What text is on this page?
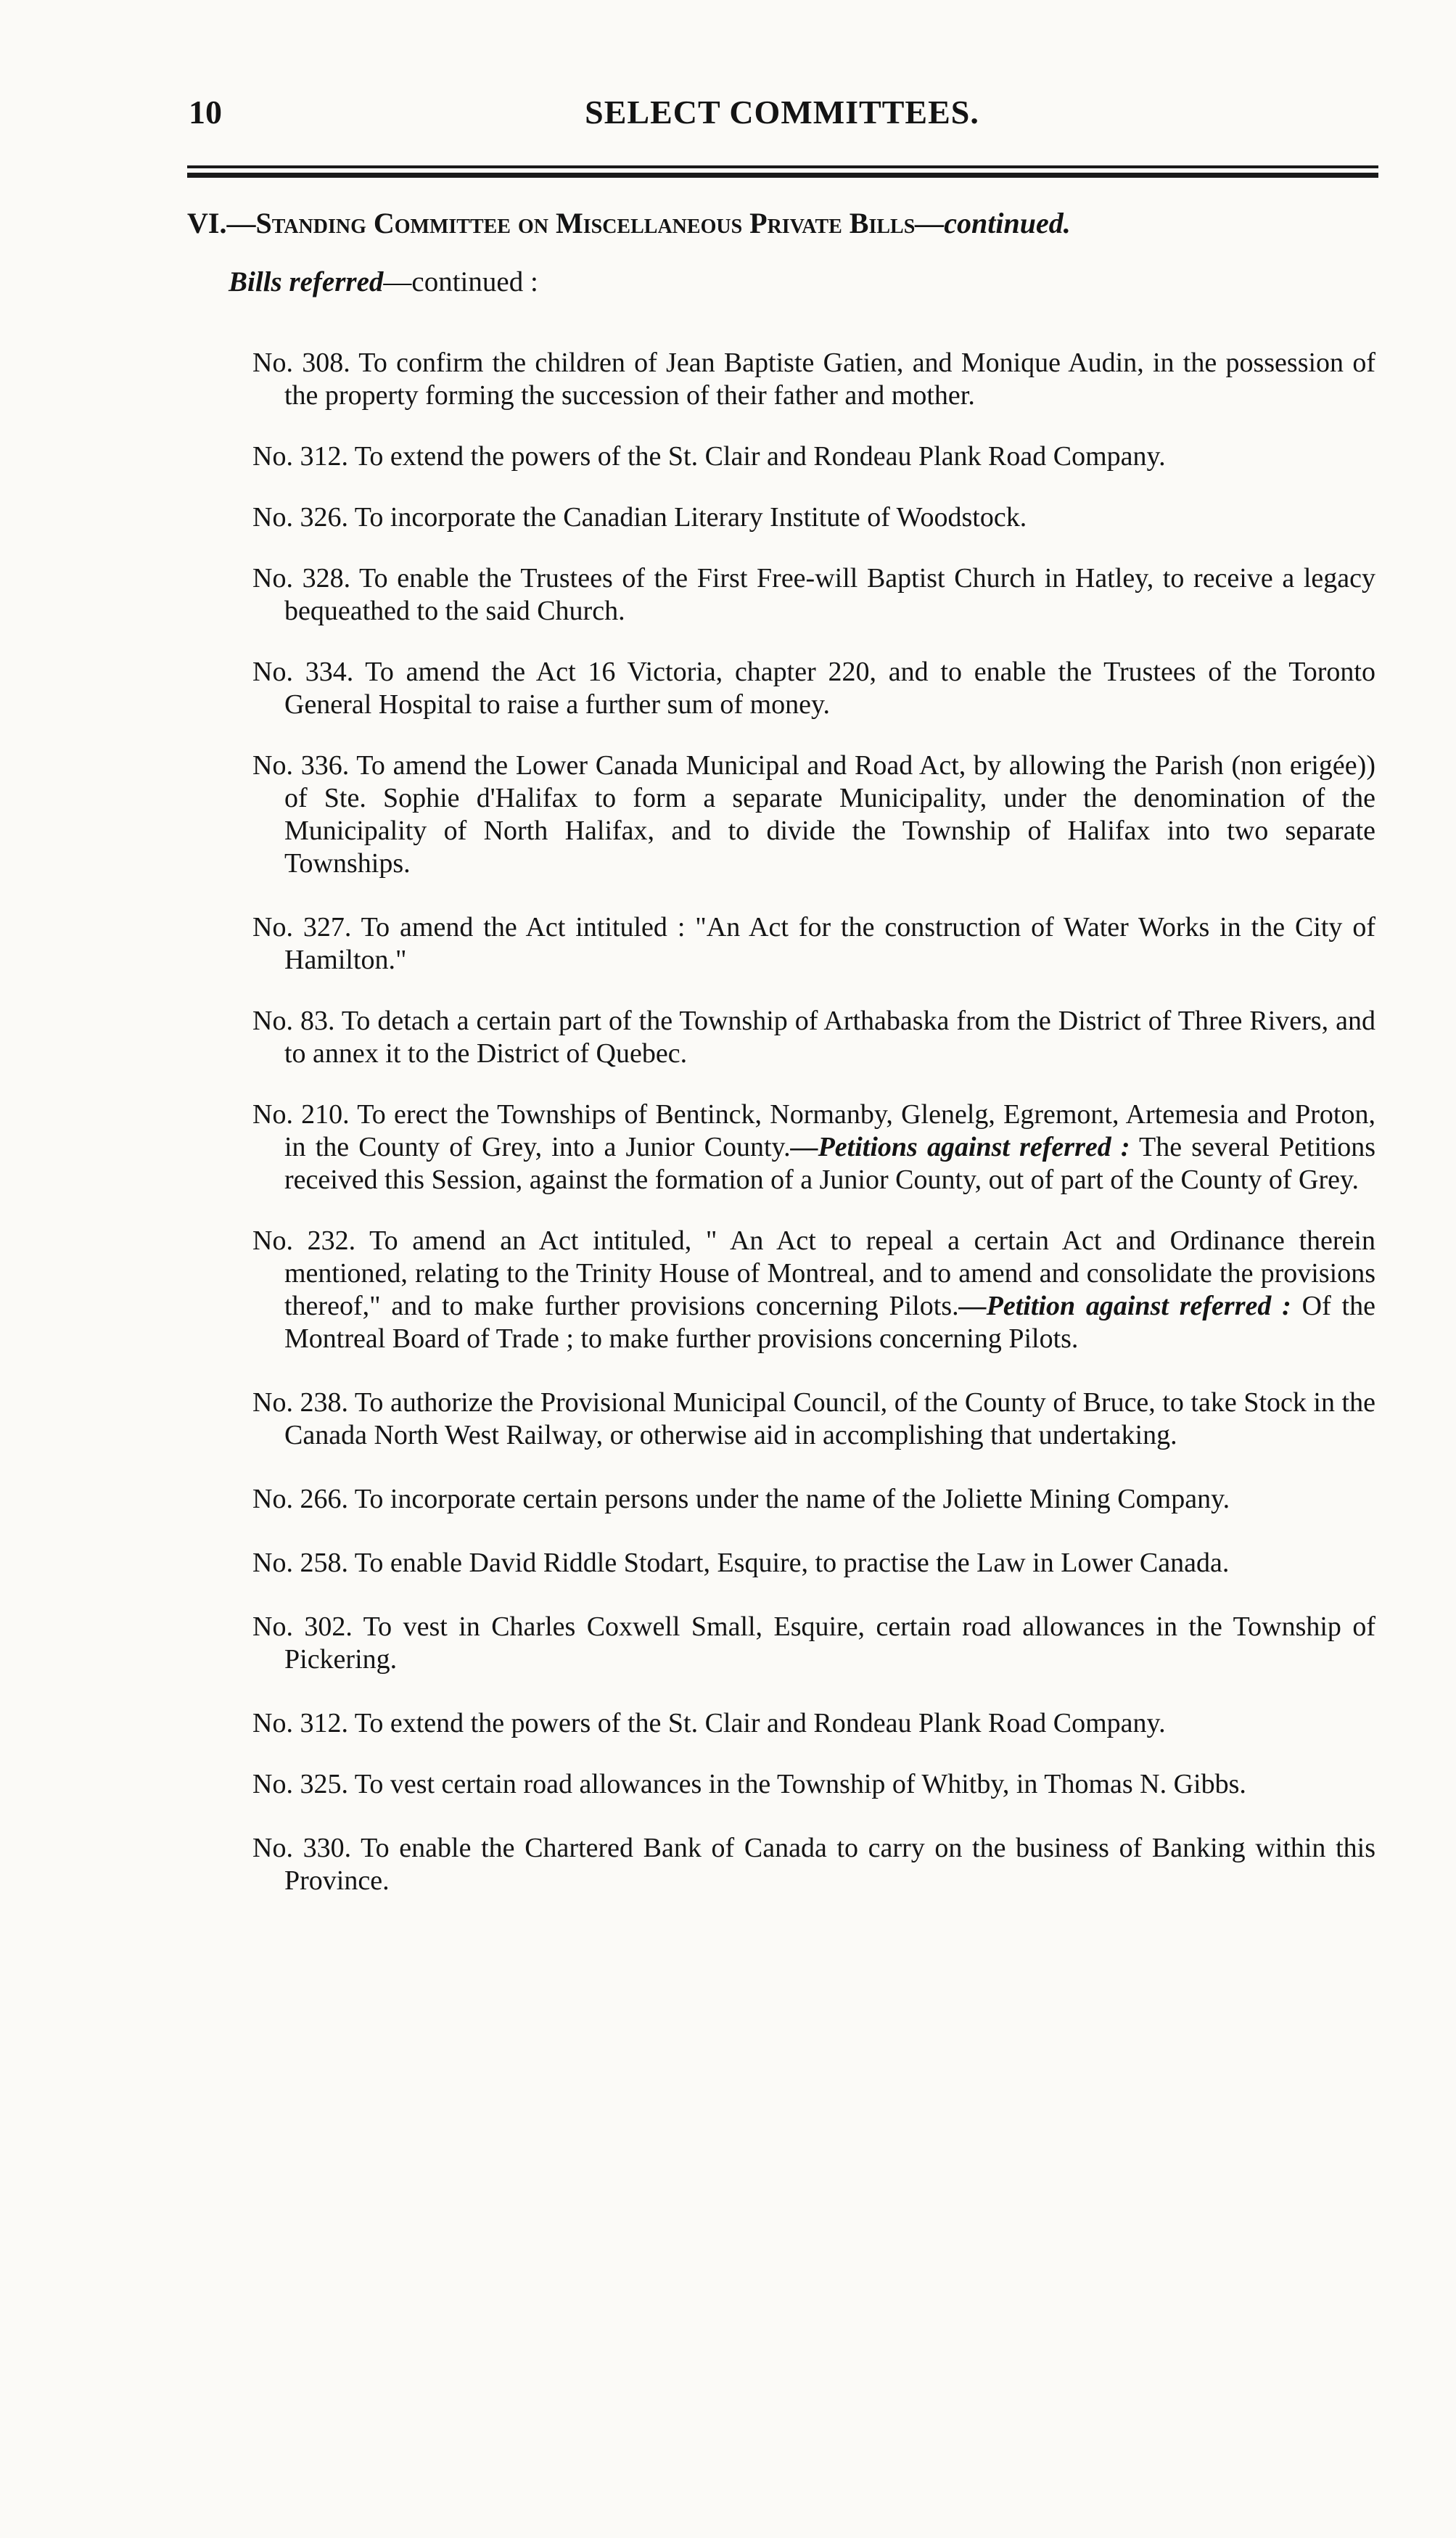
10	SELECT COMMITTEES.
VI.—Standing Committee on Miscellaneous Private Bills—continued.
Bills referred—continued :

No. 308. To confirm the children of Jean Baptiste Gatien, and Monique Audin, in the possession of the property forming the succession of their father and mother.

No. 312. To extend the powers of the St. Clair and Rondeau Plank Road Company.

No. 326. To incorporate the Canadian Literary Institute of Woodstock.

No. 328. To enable the Trustees of the First Free-will Baptist Church in Hatley, to receive a legacy bequeathed to the said Church.

No. 334. To amend the Act 16 Victoria, chapter 220, and to enable the Trustees of the Toronto General Hospital to raise a further sum of money.

No. 336. To amend the Lower Canada Municipal and Road Act, by allowing the Parish (non erigée)) of Ste. Sophie d'Halifax to form a separate Municipality, under the denomination of the Municipality of North Halifax, and to divide the Township of Halifax into two separate Townships.

No. 327. To amend the Act intituled : "An Act for the construction of Water Works in the City of Hamilton."

No. 83. To detach a certain part of the Township of Arthabaska from the District of Three Rivers, and to annex it to the District of Quebec.

No. 210. To erect the Townships of Bentinck, Normanby, Glenelg, Egremont, Artemesia and Proton, in the County of Grey, into a Junior County.—Petitions against referred : The several Petitions received this Session, against the formation of a Junior County, out of part of the County of Grey.

No. 232. To amend an Act intituled, " An Act to repeal a certain Act and Ordinance therein mentioned, relating to the Trinity House of Montreal, and to amend and consolidate the provisions thereof," and to make further provisions concerning Pilots.—Petition against referred : Of the Montreal Board of Trade ; to make further provisions concerning Pilots.

No. 238. To authorize the Provisional Municipal Council, of the County of Bruce, to take Stock in the Canada North West Railway, or otherwise aid in accomplishing that undertaking.

No. 266. To incorporate certain persons under the name of the Joliette Mining Company.

No. 258. To enable David Riddle Stodart, Esquire, to practise the Law in Lower Canada.

No. 302. To vest in Charles Coxwell Small, Esquire, certain road allowances in the Township of Pickering.

No. 312. To extend the powers of the St. Clair and Rondeau Plank Road Company.

No. 325. To vest certain road allowances in the Township of Whitby, in Thomas N. Gibbs.

No. 330. To enable the Chartered Bank of Canada to carry on the business of Banking within this Province.
